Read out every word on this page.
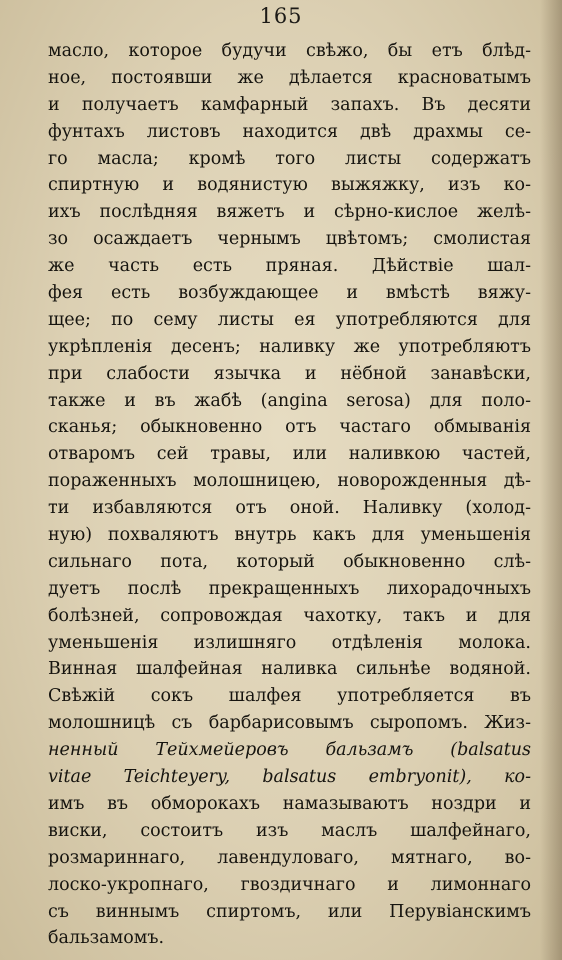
165
масло, которое будучи свѣжо, бы етъ блѣд-
ное, постоявши же дѣлается красноватымъ
и получаетъ камфарный запахъ. Въ десяти
фунтахъ листовъ находится двѣ драхмы се-
го масла; кромѣ того листы содержатъ
спиртную и водянистую выжяжку, изъ ко-
ихъ послѣдняя вяжетъ и сѣрно-кислое желѣ-
зо осаждаетъ чернымъ цвѣтомъ; смолистая
же часть есть пряная. Дѣйствіе шал-
фея есть возбуждающее и вмѣстѣ вяжу-
щее; по сему листы ея употребляются для
укрѣпленія десенъ; наливку же употребляютъ
при слабости язычка и нёбной занавѣски,
также и въ жабѣ (angina serosa) для поло-
сканья; обыкновенно отъ частаго обмыванія
отваромъ сей травы, или наливкою частей,
пораженныхъ молошницею, новорожденныя дѣ-
ти избавляются отъ оной. Наливку (холод-
ную) похваляютъ внутрь какъ для уменьшенія
сильнаго пота, который обыкновенно слѣ-
дуетъ послѣ прекращенныхъ лихорадочныхъ
болѣзней, сопровождая чахотку, такъ и для
уменьшенія излишняго отдѣленія молока.
Винная шалфейная наливка сильнѣе водяной.
Свѣжій сокъ шалфея употребляется въ
молошницѣ съ барбарисовымъ сыропомъ. Жиз-
ненный Тейхмейеровъ бальзамъ (balsatus
vitae Teichtеyery, balsatus embryonit), ко-
имъ въ обморокахъ намазываютъ ноздри и
виски, состоитъ изъ маслъ шалфейнаго,
розмариннаго, лавендуловаго, мятнаго, во-
лоско-укропнаго, гвоздичнаго и лимоннаго
съ виннымъ спиртомъ, или Перувіанскимъ
бальзамомъ.
